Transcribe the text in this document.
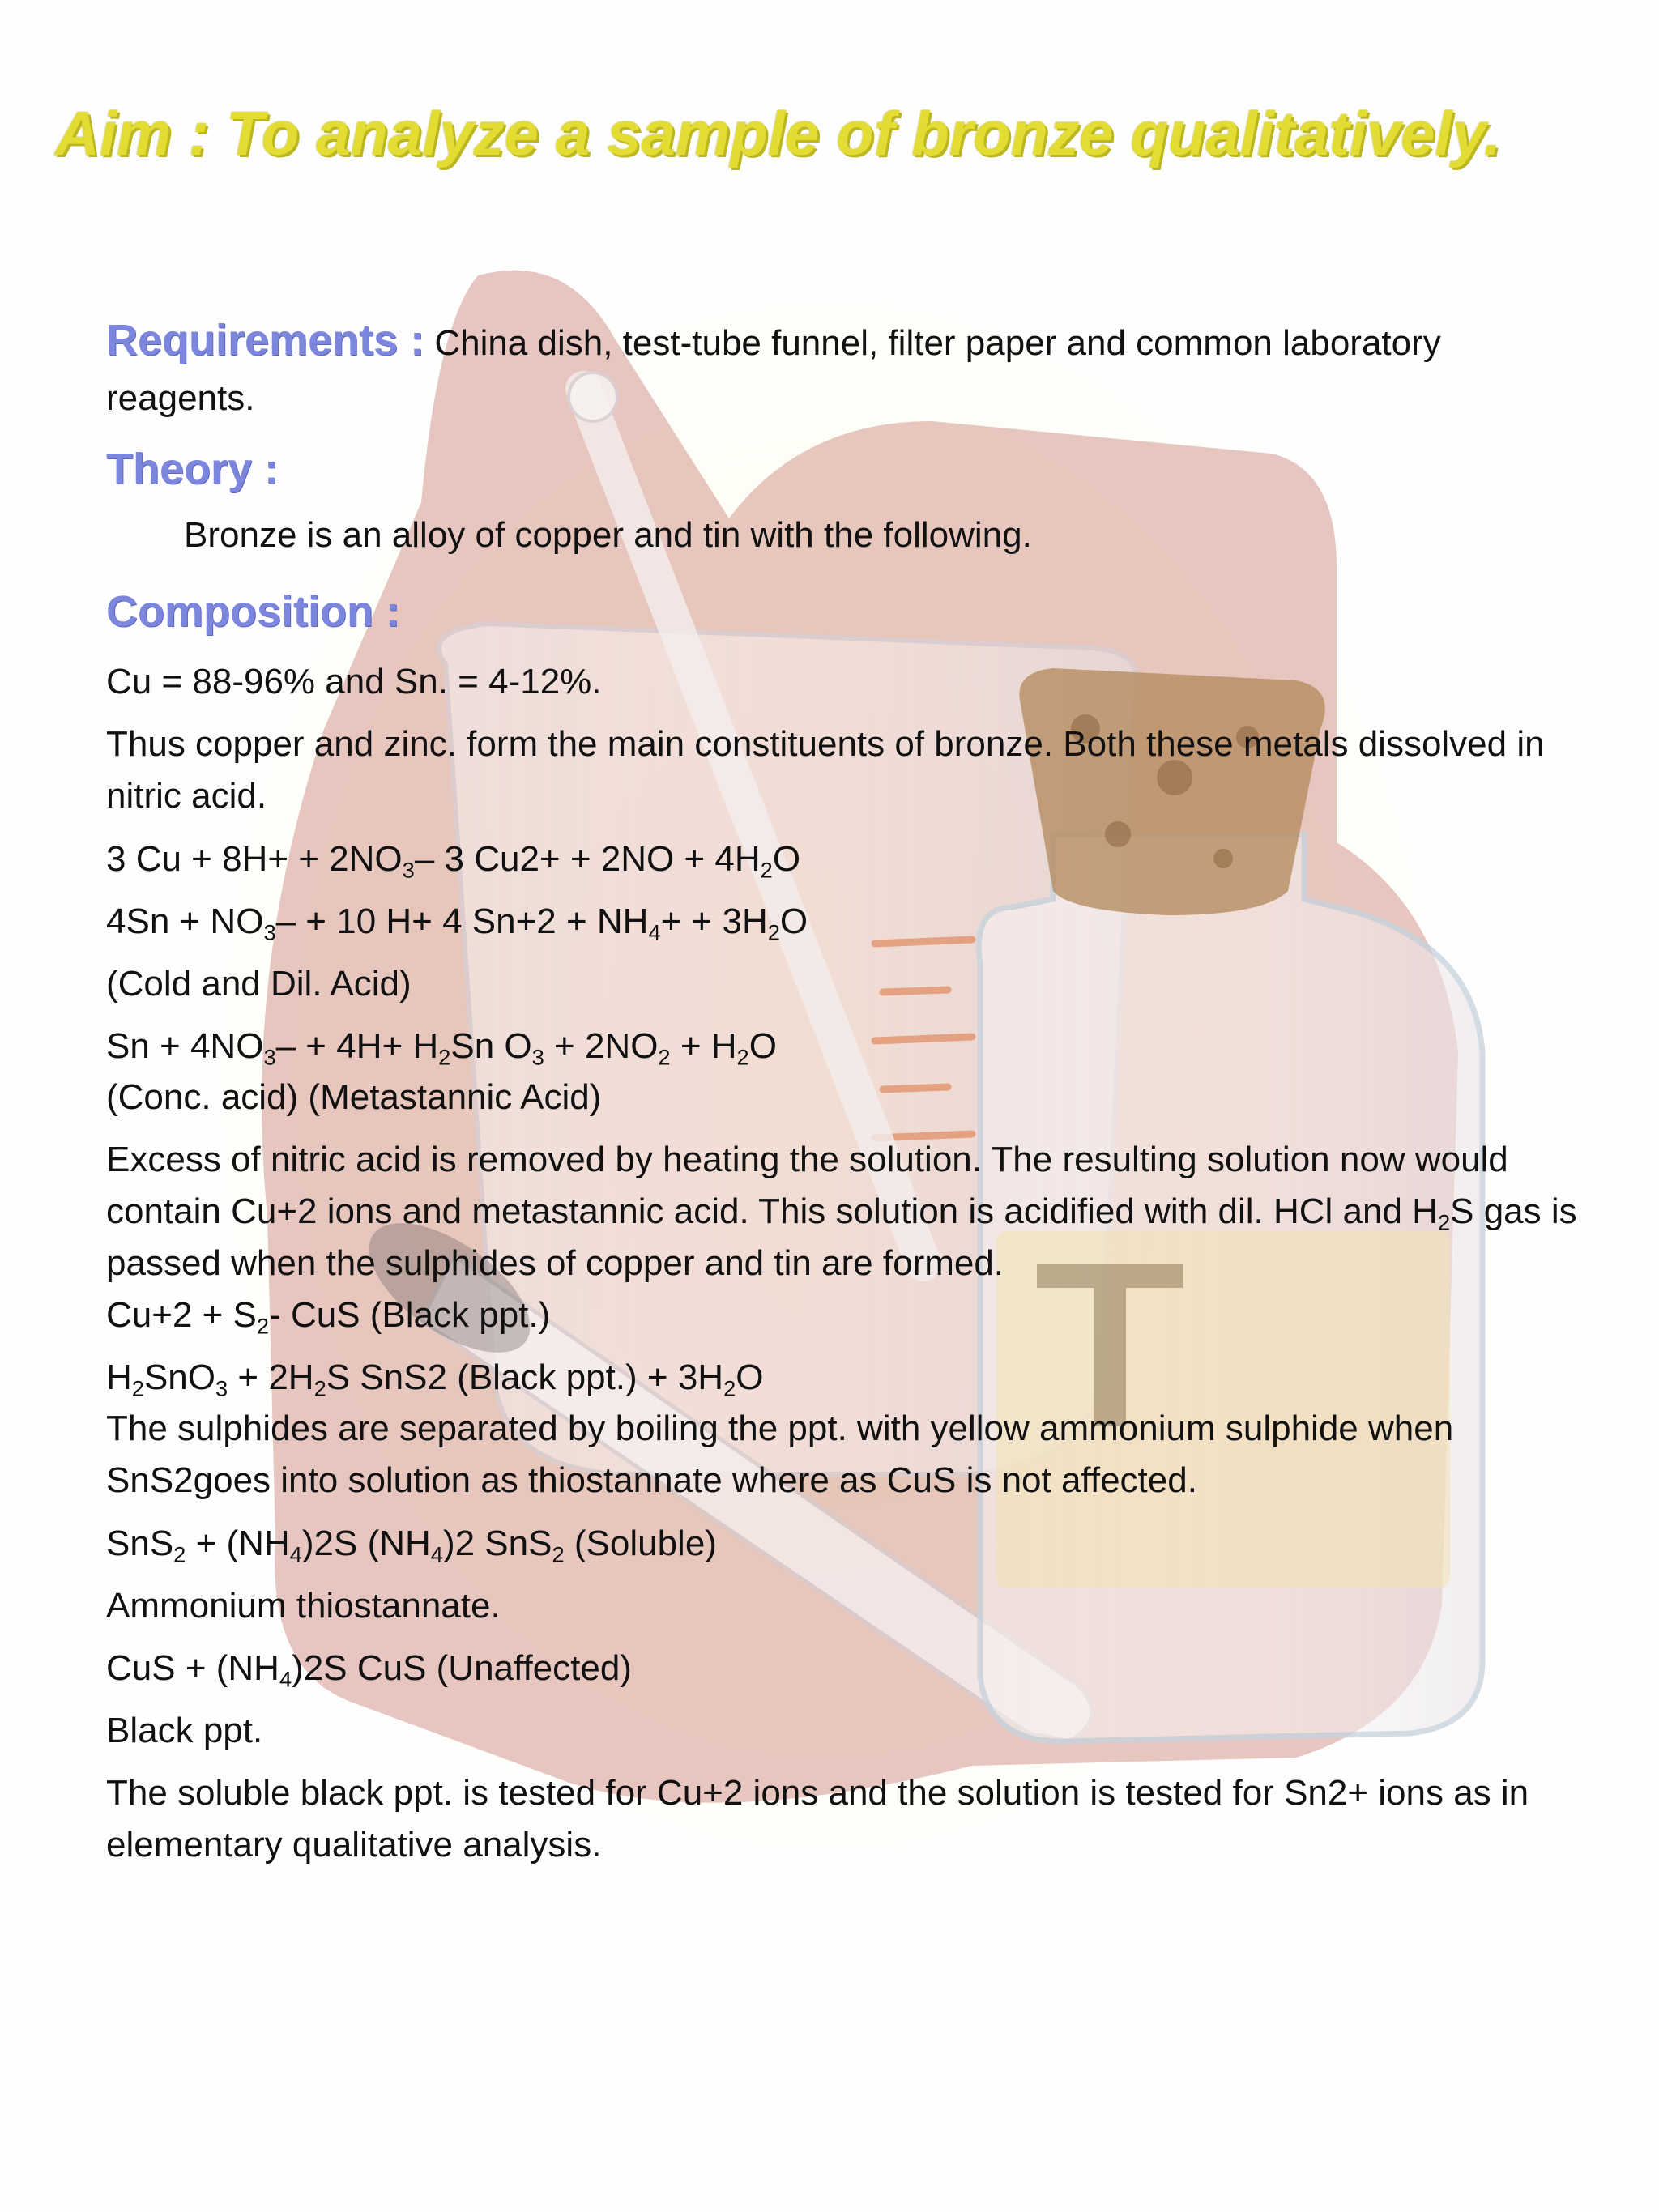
Aim : To analyze a sample of bronze qualitatively.
Requirements : China dish, test-tube funnel, filter paper and common laboratory reagents.
Theory :
Bronze is an alloy of copper and tin with the following.
Composition :
Cu = 88-96% and Sn. = 4-12%.
Thus copper and zinc. form the main constituents of bronze. Both these metals dissolved in nitric acid.
3 $Cu + 8H+ + 2NO_3-$ 3 $Cu2+ + 2NO + 4H_2O$
$4Sn + NO_3- + 10$ H+ 4 $Sn+2 + NH_4+ + 3H_2O$
(Cold and Dil. Acid)
$Sn + 4NO_3- + 4H+ H_2Sn$ $O_3 + 2NO_2 + H_2O$
(Conc. acid) (Metastannic Acid)
Excess of nitric acid is removed by heating the solution. The resulting solution now would contain Cu+2 ions and metastannic acid. This solution is acidified with dil. HCl and $H_2S$ gas is passed when the sulphides of copper and tin are formed.
$Cu+2 + S_2-$ CuS (Black ppt.)
$H_2SnO_3 + 2H_2S$ SnS2 (Black $ppt.) + 3H_2O$
The sulphides are separated by boiling the ppt. with yellow ammonium sulphide when SnS2goes into solution as thiostannate where as CuS is not affected.
$SnS_2 + (NH_4)2S$ $(NH_4)2$ SnS$_2$ (Soluble)
Ammonium thiostannate.
CuS + $(NH_4)2S$ CuS (Unaffected)
Black ppt.
The soluble black ppt. is tested for Cu+2 ions and the solution is tested for Sn2+ ions as in elementary qualitative analysis.
